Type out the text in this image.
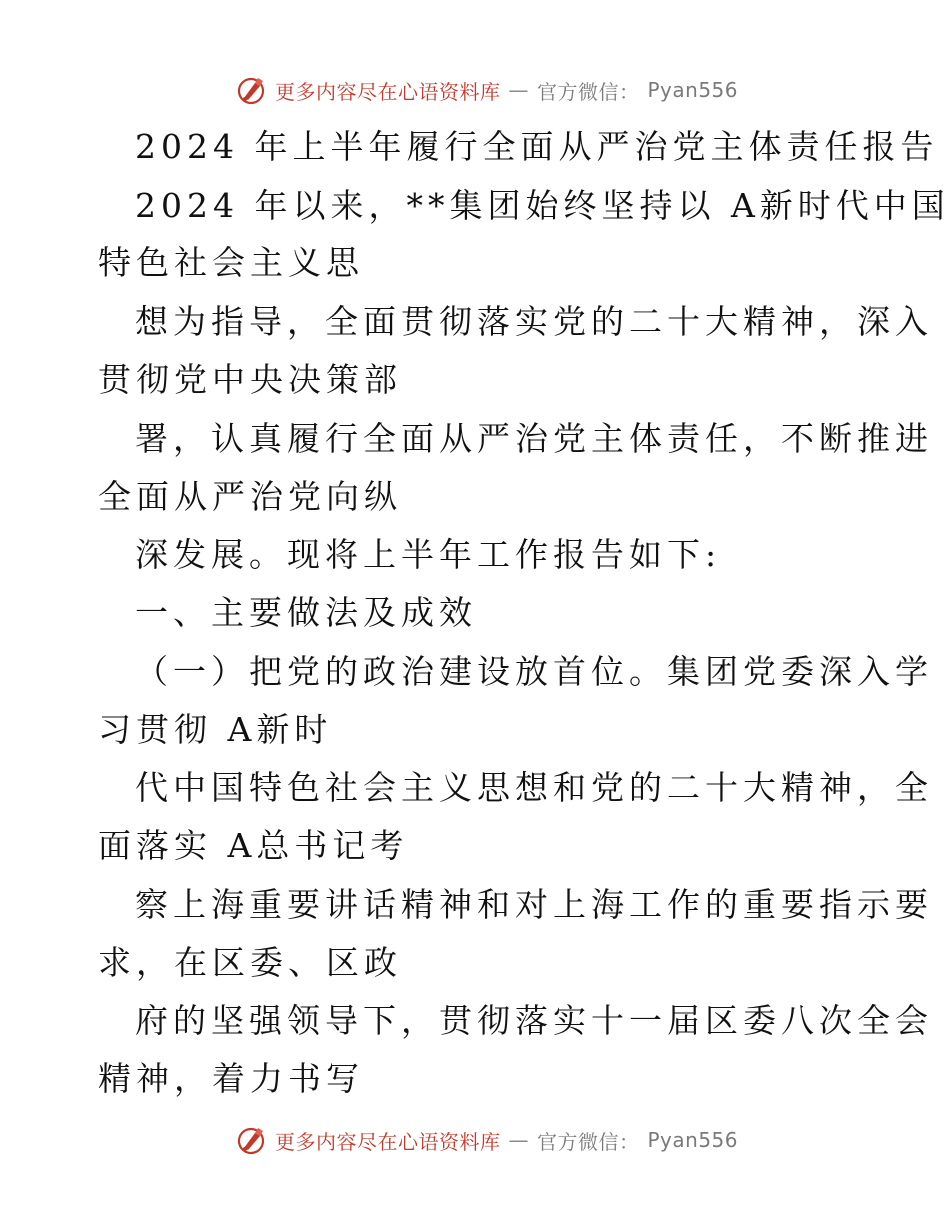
更多内容尽在心语资料库 — 官方微信： Pyan556
2024 年上半年履行全面从严治党主体责任报告
2024 年以来，**集团始终坚持以 A新时代中国
特色社会主义思
想为指导，全面贯彻落实党的二十大精神，深入
贯彻党中央决策部
署，认真履行全面从严治党主体责任，不断推进
全面从严治党向纵
深发展。现将上半年工作报告如下:
一、主要做法及成效
（一）把党的政治建设放首位。集团党委深入学
习贯彻 A新时
代中国特色社会主义思想和党的二十大精神，全
面落实 A总书记考
察上海重要讲话精神和对上海工作的重要指示要
求，在区委、区政
府的坚强领导下，贯彻落实十一届区委八次全会
精神，着力书写
更多内容尽在心语资料库 — 官方微信： Pyan556
